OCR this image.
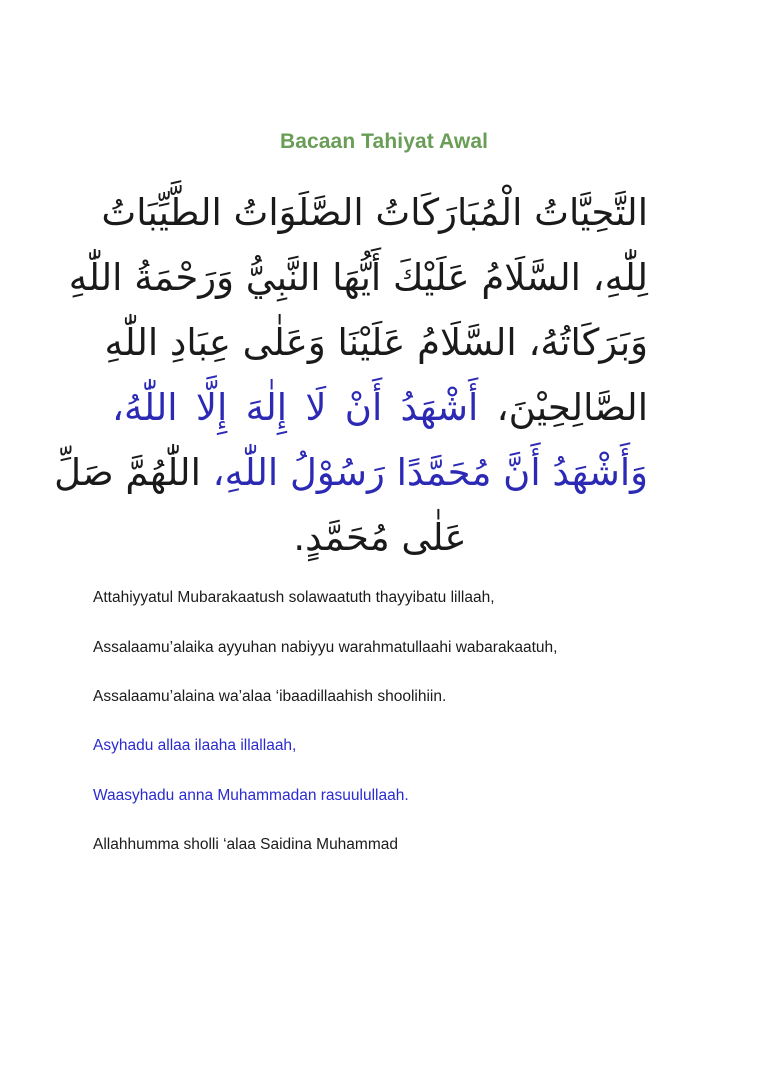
Bacaan Tahiyat Awal
التَّحِيَّاتُ الْمُبَارَكَاتُ الصَّلَوَاتُ الطَّيِّبَاتُ
لِلّٰهِ، السَّلَامُ عَلَيْكَ أَيُّهَا النَّبِيُّ وَرَحْمَةُ اللّٰهِ
وَبَرَكَاتُهُ، السَّلَامُ عَلَيْنَا وَعَلٰى عِبَادِ اللّٰهِ
الصَّالِحِيْنَ، أَشْهَدُ أَنْ لَا إِلٰهَ إِلَّا اللّٰهُ،
وَأَشْهَدُ أَنَّ مُحَمَّدًا رَسُوْلُ اللّٰهِ، اللّٰهُمَّ صَلِّ
عَلٰى مُحَمَّدٍ.
Attahiyyatul Mubarakaatush solawaatuth thayyibatu lillaah,
Assalaamu’alaika ayyuhan nabiyyu warahmatullaahi wabarakaatuh,
Assalaamu’alaina wa’alaa ‘ibaadillaahish shoolihiin.
Asyhadu allaa ilaaha illallaah,
Waasyhadu anna Muhammadan rasuulullaah.
Allahhumma sholli ‘alaa Saidina Muhammad
